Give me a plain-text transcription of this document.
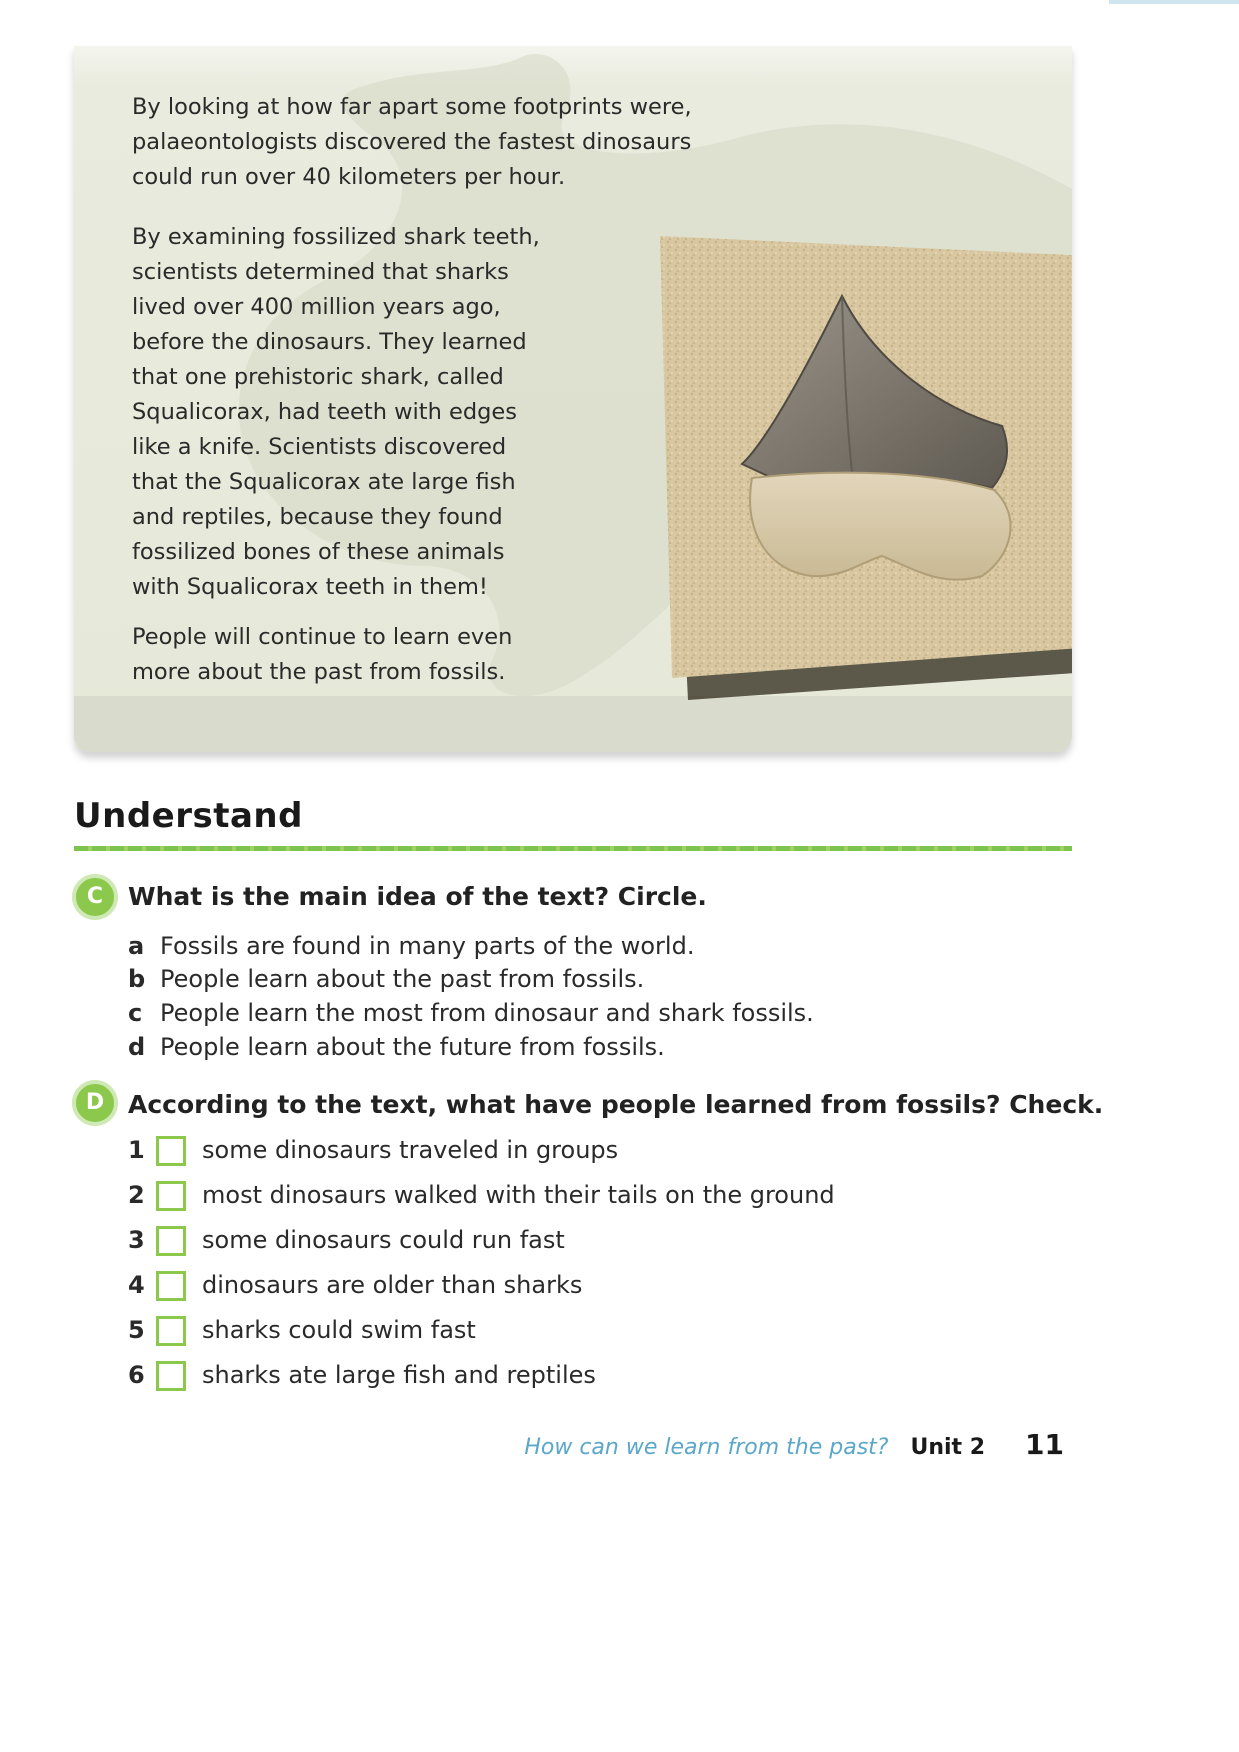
By looking at how far apart some footprints were,
palaeontologists discovered the fastest dinosaurs
could run over 40 kilometers per hour.

By examining fossilized shark teeth,
scientists determined that sharks
lived over 400 million years ago,
before the dinosaurs. They learned
that one prehistoric shark, called
Squalicorax, had teeth with edges
like a knife. Scientists discovered
that the Squalicorax ate large fish
and reptiles, because they found
fossilized bones of these animals
with Squalicorax teeth in them!

People will continue to learn even
more about the past from fossils.

Understand
C What is the main idea of the text? Circle.

a Fossils are found in many parts of the world.
b People learn about the past from fossils.
c People learn the most from dinosaur and shark fossils.
d People learn about the future from fossils.
D According to the text, what have people learned from fossils? Check.

1 some dinosaurs traveled in groups
2 most dinosaurs walked with their tails on the ground
3 some dinosaurs could run fast
4 dinosaurs are older than sharks
5 sharks could swim fast
6 sharks ate large fish and reptiles
How can we learn from the past? Unit 2 11
